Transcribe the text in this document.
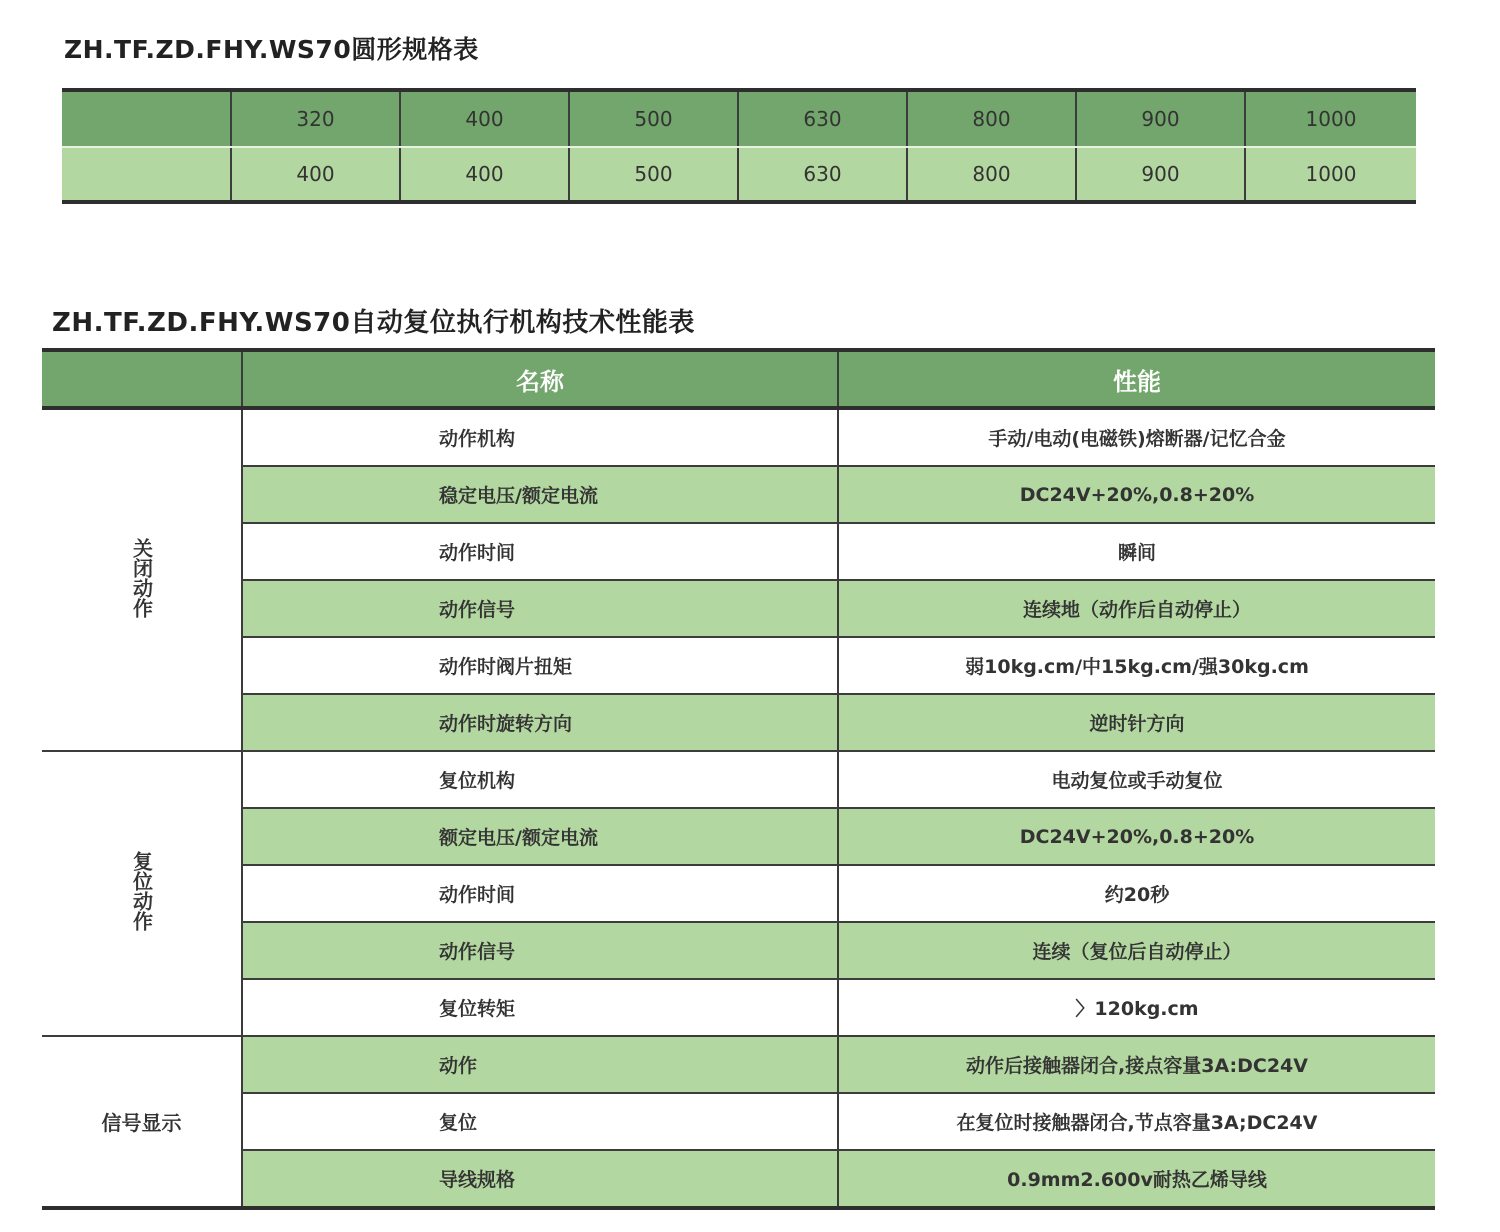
ZH.TF.ZD.FHY.WS70圆形规格表
	320	400	500	630	800	900	1000
	400	400	500	630	800	900	1000
ZH.TF.ZD.FHY.WS70自动复位执行机构技术性能表
	名称	性能
关闭动作	动作机构	手动/电动(电磁铁)熔断器/记忆合金
	稳定电压/额定电流	DC24V+20%,0.8+20%
	动作时间	瞬间
	动作信号	连续地（动作后自动停止）
	动作时阀片扭矩	弱10kg.cm/中15kg.cm/强30kg.cm
	动作时旋转方向	逆时针方向
复位动作	复位机构	电动复位或手动复位
	额定电压/额定电流	DC24V+20%,0.8+20%
	动作时间	约20秒
	动作信号	连续（复位后自动停止）
	复位转矩	〉120kg.cm
信号显示	动作	动作后接触器闭合,接点容量3A:DC24V
	复位	在复位时接触器闭合,节点容量3A;DC24V
	导线规格	0.9mm2.600v耐热乙烯导线
